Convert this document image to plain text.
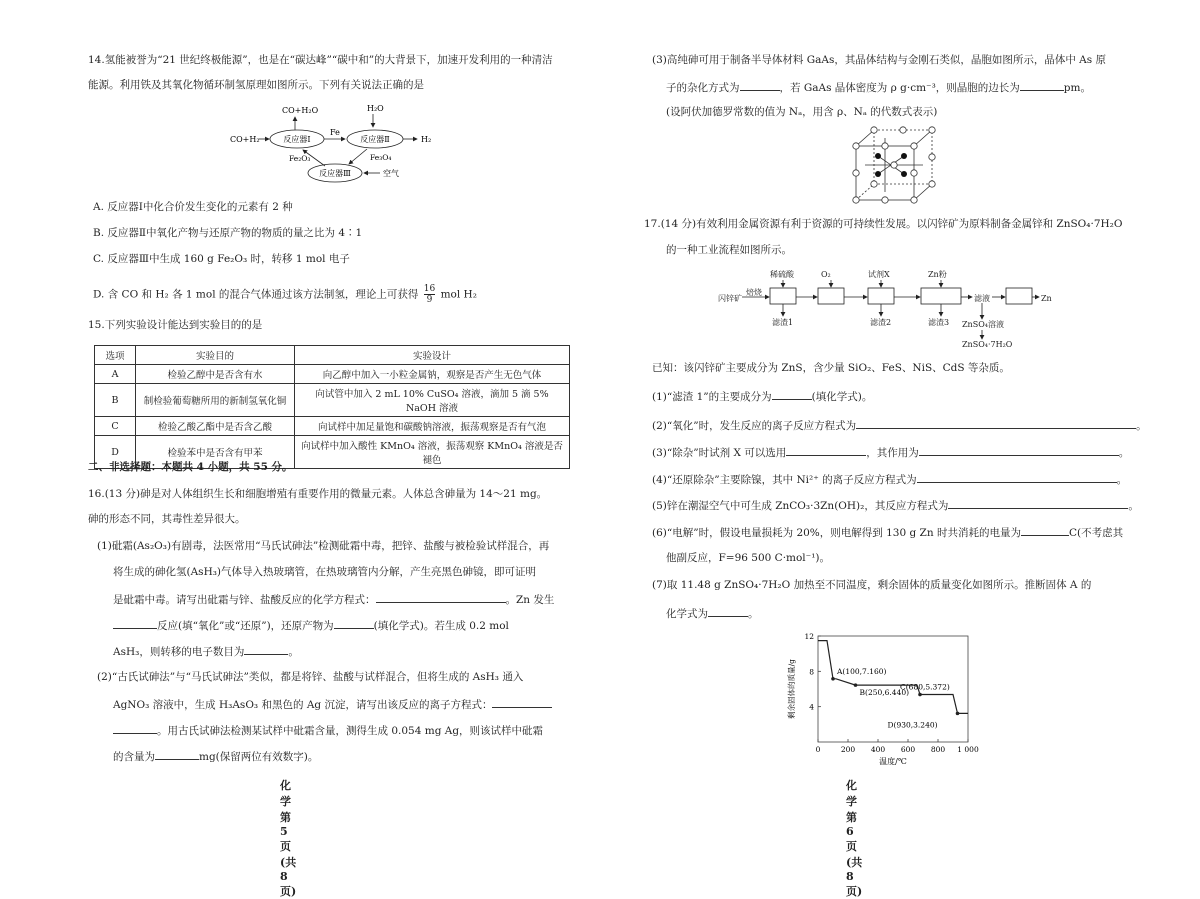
14.氢能被誉为“21 世纪终极能源”，也是在“碳达峰”“碳中和”的大背景下，加速开发利用的一种清洁
能源。利用铁及其氧化物循环制氢原理如图所示。下列有关说法正确的是
CO+H₂O	H₂O
CO+H₂	反应器Ⅰ
Fe
反应器Ⅱ	H₂
Fe₂O₃	Fe₃O₄
反应器Ⅲ	空气
A. 反应器Ⅰ中化合价发生变化的元素有 2 种
B. 反应器Ⅱ中氧化产物与还原产物的物质的量之比为 4∶1
C. 反应器Ⅲ中生成 160 g Fe₂O₃ 时，转移 1 mol 电子
D. 含 CO 和 H₂ 各 1 mol 的混合气体通过该方法制氢，理论上可获得 $\frac{16}{9}$ mol H₂
15.下列实验设计能达到实验目的的是
选项	实验目的	实验设计
A	检验乙醇中是否含有水	向乙醇中加入一小粒金属钠，观察是否产生无色气体
B	制检验葡萄糖所用的新制氢氧化铜	向试管中加入 2 mL 10% CuSO₄ 溶液，滴加 5 滴 5% NaOH 溶液
C	检验乙酸乙酯中是否含乙酸	向试样中加足量饱和碳酸钠溶液，振荡观察是否有气泡
D	检验苯中是否含有甲苯	向试样中加入酸性 KMnO₄ 溶液，振荡观察 KMnO₄ 溶液是否褪色
二、非选择题：本题共 4 小题，共 55 分。
16.(13 分)砷是对人体组织生长和细胞增殖有重要作用的微量元素。人体总含砷量为 14～21 mg。
砷的形态不同，其毒性差异很大。
(1)砒霜(As₂O₃)有剧毒，法医常用“马氏试砷法”检测砒霜中毒，把锌、盐酸与被检验试样混合，再
将生成的砷化氢(AsH₃)气体导入热玻璃管，在热玻璃管内分解，产生亮黑色砷镜，即可证明
是砒霜中毒。请写出砒霜与锌、盐酸反应的化学方程式：	。Zn 发生
反应(填“氧化”或“还原”)，还原产物为	(填化学式)。若生成 0.2 mol
AsH₃，则转移的电子数目为	。
(2)“古氏试砷法”与“马氏试砷法”类似，都是将锌、盐酸与试样混合，但将生成的 AsH₃ 通入
AgNO₃ 溶液中，生成 H₃AsO₃ 和黑色的 Ag 沉淀，请写出该反应的离子方程式：
。用古氏试砷法检测某试样中砒霜含量，测得生成 0.054 mg Ag，则该试样中砒霜
的含量为	mg(保留两位有效数字)。
化学 第 5 页(共 8 页)
(3)高纯砷可用于制备半导体材料 GaAs，其晶体结构与金刚石类似，晶胞如图所示，晶体中 As 原
子的杂化方式为	，若 GaAs 晶体密度为 ρ g·cm⁻³，则晶胞的边长为	pm。
(设阿伏加德罗常数的值为 Nₐ，用含 ρ、Nₐ 的代数式表示)
17.(14 分)有效利用金属资源有利于资源的可持续性发展。以闪锌矿为原料制备金属锌和 ZnSO₄·7H₂O
的一种工业流程如图所示。
稀硫酸	O₂	试剂X	Zn粉
闪锌矿
焙烧
滤渣1	滤渣2	滤渣3
滤液	Zn
ZnSO₄溶液
ZnSO₄·7H₂O
已知：该闪锌矿主要成分为 ZnS，含少量 SiO₂、FeS、NiS、CdS 等杂质。
(1)“滤渣 1”的主要成分为	(填化学式)。
(2)“氧化”时，发生反应的离子反应方程式为	。
(3)“除杂”时试剂 X 可以选用	，其作用为	。
(4)“还原除杂”主要除镍，其中 Ni²⁺ 的离子反应方程式为	。
(5)锌在潮湿空气中可生成 ZnCO₃·3Zn(OH)₂，其反应方程式为	。
(6)“电解”时，假设电量损耗为 20%，则电解得到 130 g Zn 时共消耗的电量为	C(不考虑其
他副反应，F=96 500 C·mol⁻¹)。
(7)取 11.48 g ZnSO₄·7H₂O 加热至不同温度，剩余固体的质量变化如图所示。推断固体 A 的
化学式为	。
0	200 400 600 800 1 000
4
8
12
温度/℃
剩余固体的质量/g	A(100,7.160)
B(250,6.440)
C(680,5.372)
D(930,3.240)
化学 第 6 页(共 8 页)
